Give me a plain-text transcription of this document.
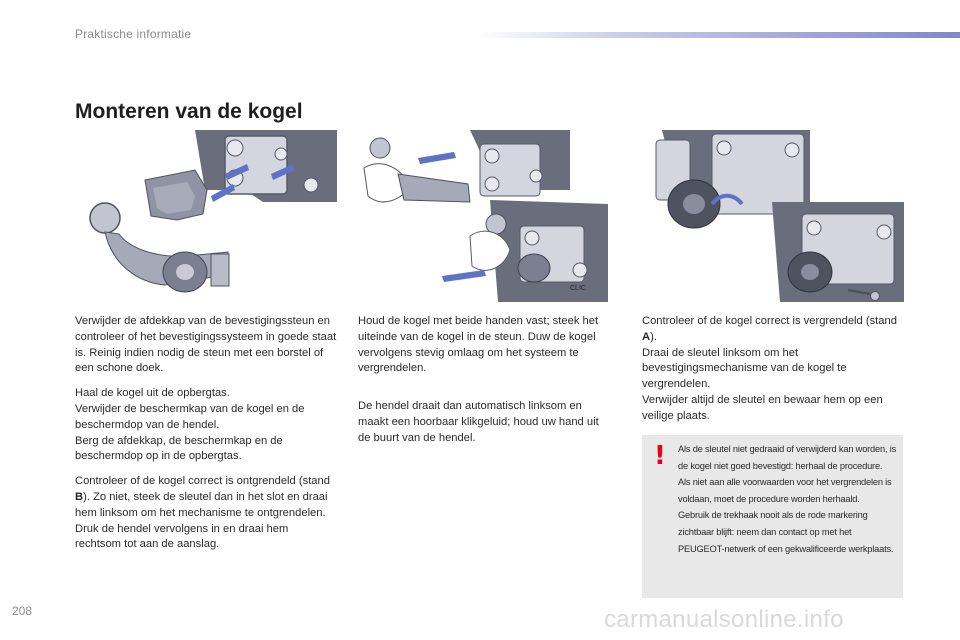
Praktische informatie
Monteren van de kogel
CLIC

Verwijder de afdekkap van de bevestigingssteun en controleer of het bevestigingssysteem in goede staat is. Reinig indien nodig de steun met een borstel of een schone doek.

Haal de kogel uit de opbergtas.
Verwijder de beschermkap van de kogel en de beschermdop van de hendel.
Berg de afdekkap, de beschermkap en de beschermdop op in de opbergtas.

Controleer of de kogel correct is ontgrendeld (stand B). Zo niet, steek de sleutel dan in het slot en draai hem linksom om het mechanisme te ontgrendelen. Druk de hendel vervolgens in en draai hem rechtsom tot aan de aanslag.

Houd de kogel met beide handen vast; steek het uiteinde van de kogel in de steun. Duw de kogel vervolgens stevig omlaag om het systeem te vergrendelen.

De hendel draait dan automatisch linksom en maakt een hoorbaar klikgeluid; houd uw hand uit de buurt van de hendel.

Controleer of de kogel correct is vergrendeld (stand A).
Draai de sleutel linksom om het bevestigingsmechanisme van de kogel te vergrendelen.
Verwijder altijd de sleutel en bewaar hem op een veilige plaats.

! Als de sleutel niet gedraaid of verwijderd kan worden, is de kogel niet goed bevestigd: herhaal de procedure.
Als niet aan alle voorwaarden voor het vergrendelen is voldaan, moet de procedure worden herhaald.
Gebruik de trekhaak nooit als de rode markering zichtbaar blijft: neem dan contact op met het PEUGEOT-netwerk of een gekwalificeerde werkplaats.
208	carmanualsonline.info
